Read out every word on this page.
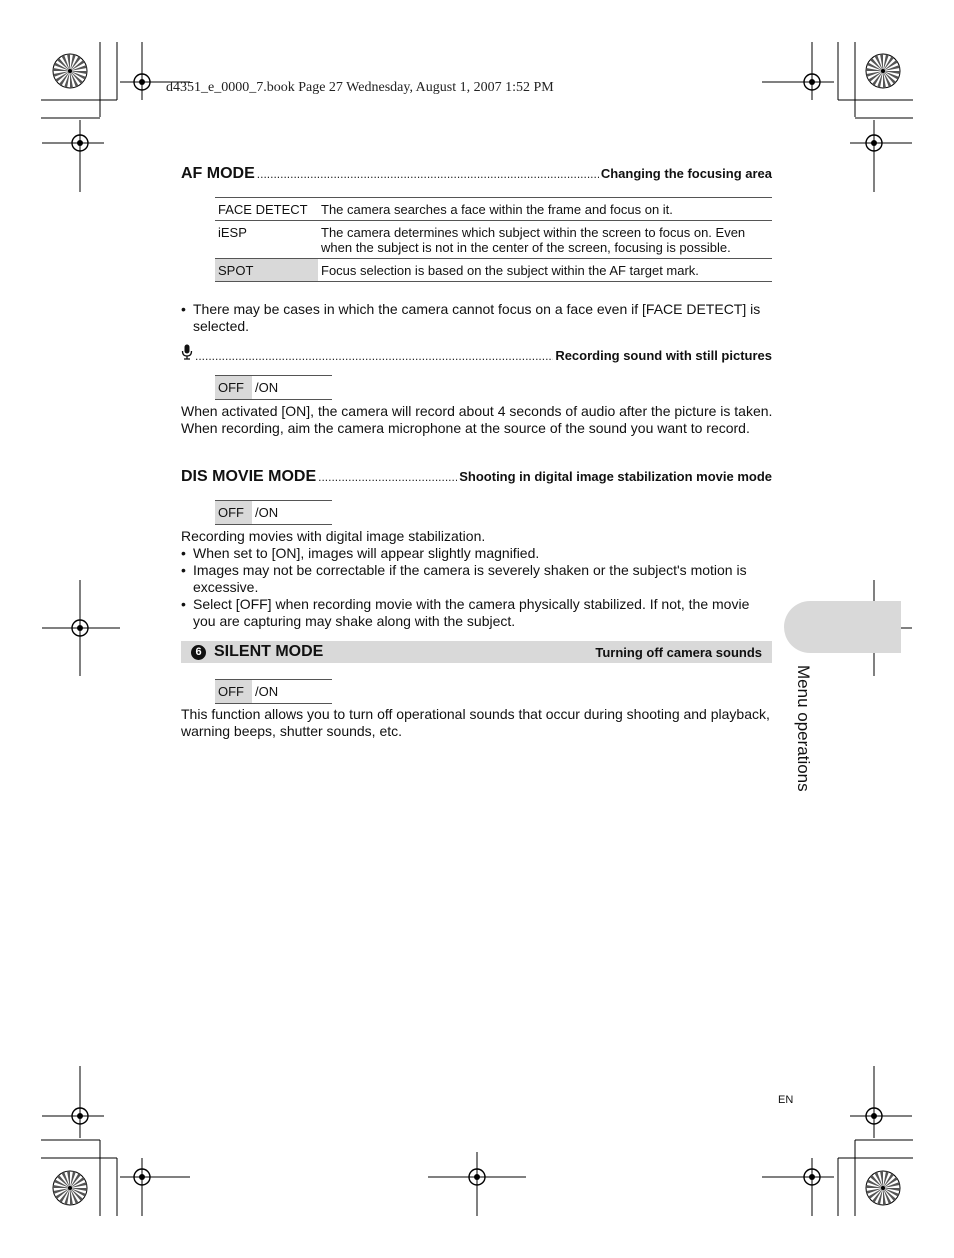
d4351_e_0000_7.book Page 27 Wednesday, August 1, 2007 1:52 PM
AF MODE .....	Changing the focusing area
FACE DETECT	The camera searches a face within the frame and focus on it.
iESP	The camera determines which subject within the screen to focus on. Even when the subject is not in the center of the screen, focusing is possible.
SPOT	Focus selection is based on the subject within the AF target mark.
• There may be cases in which the camera cannot focus on a face even if [FACE DETECT] is selected.
.....
Recording sound with still pictures
OFF /ON

When activated [ON], the camera will record about 4 seconds of audio after the picture is taken.

When recording, aim the camera microphone at the source of the sound you want to record.

DIS MOVIE MODE .....	Shooting in digital image stabilization movie mode
OFF /ON
Recording movies with digital image stabilization.
• When set to [ON], images will appear slightly magnified.
• Images may not be correctable if the camera is severely shaken or the subject's motion is excessive.
• Select [OFF] when recording movie with the camera physically stabilized. If not, the movie you are capturing may shake along with the subject.
6 SILENT MODE	Turning off camera sounds
OFF /ON
This function allows you to turn off operational sounds that occur during shooting and playback, warning beeps, shutter sounds, etc.	Menu operations
EN
